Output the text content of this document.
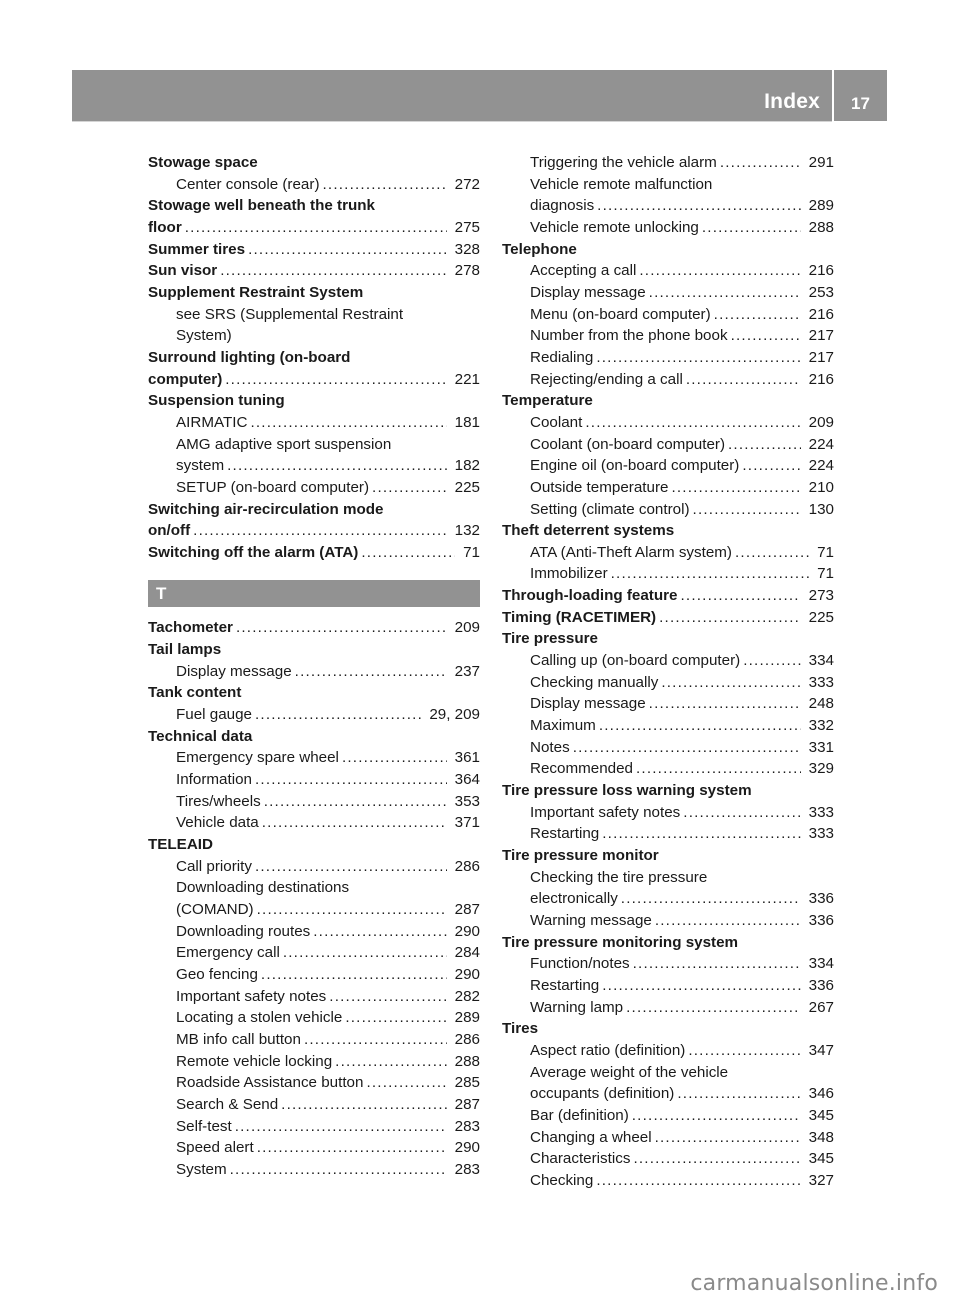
Index	17
Stowage space
Center console (rear) .....	272
Stowage well beneath the trunk
floor .....	275
Summer tires .....	328
Sun visor .....	278
Supplement Restraint System
see SRS (Supplemental Restraint
System)
Surround lighting (on-board
computer) .....	221
Suspension tuning
AIRMATIC .....	181
AMG adaptive sport suspension
system .....	182
SETUP (on-board computer) .....	225
Switching air-recirculation mode
on/off .....	132
Switching off the alarm (ATA) .....	71
T
Tachometer .....	209
Tail lamps
Display message .....	237
Tank content
Fuel gauge .....	29, 209
Technical data
Emergency spare wheel .....	361
Information .....	364
Tires/wheels .....	353
Vehicle data .....	371
TELEAID
Call priority .....	286
Downloading destinations
(COMAND) .....	287
Downloading routes .....	290
Emergency call .....	284
Geo fencing .....	290
Important safety notes .....	282
Locating a stolen vehicle .....	289
MB info call button .....	286
Remote vehicle locking .....	288
Roadside Assistance button .....	285
Search & Send .....	287
Self-test .....	283
Speed alert .....	290
System .....	283
Triggering the vehicle alarm .....	291
Vehicle remote malfunction
diagnosis .....	289
Vehicle remote unlocking .....	288
Telephone
Accepting a call .....	216
Display message .....	253
Menu (on-board computer) .....	216
Number from the phone book .....	217
Redialing .....	217
Rejecting/ending a call .....	216
Temperature
Coolant .....	209
Coolant (on-board computer) .....	224
Engine oil (on-board computer) .....	224
Outside temperature .....	210
Setting (climate control) .....	130
Theft deterrent systems
ATA (Anti-Theft Alarm system) .....	71
Immobilizer .....	71
Through-loading feature .....	273
Timing (RACETIMER) .....	225
Tire pressure
Calling up (on-board computer) .....	334
Checking manually .....	333
Display message .....	248
Maximum .....	332
Notes .....	331
Recommended .....	329
Tire pressure loss warning system
Important safety notes .....	333
Restarting .....	333
Tire pressure monitor
Checking the tire pressure
electronically .....	336
Warning message .....	336
Tire pressure monitoring system
Function/notes .....	334
Restarting .....	336
Warning lamp .....	267
Tires
Aspect ratio (definition) .....	347
Average weight of the vehicle
occupants (definition) .....	346
Bar (definition) .....	345
Changing a wheel .....	348
Characteristics .....	345
Checking .....	327
carmanualsonline.info
